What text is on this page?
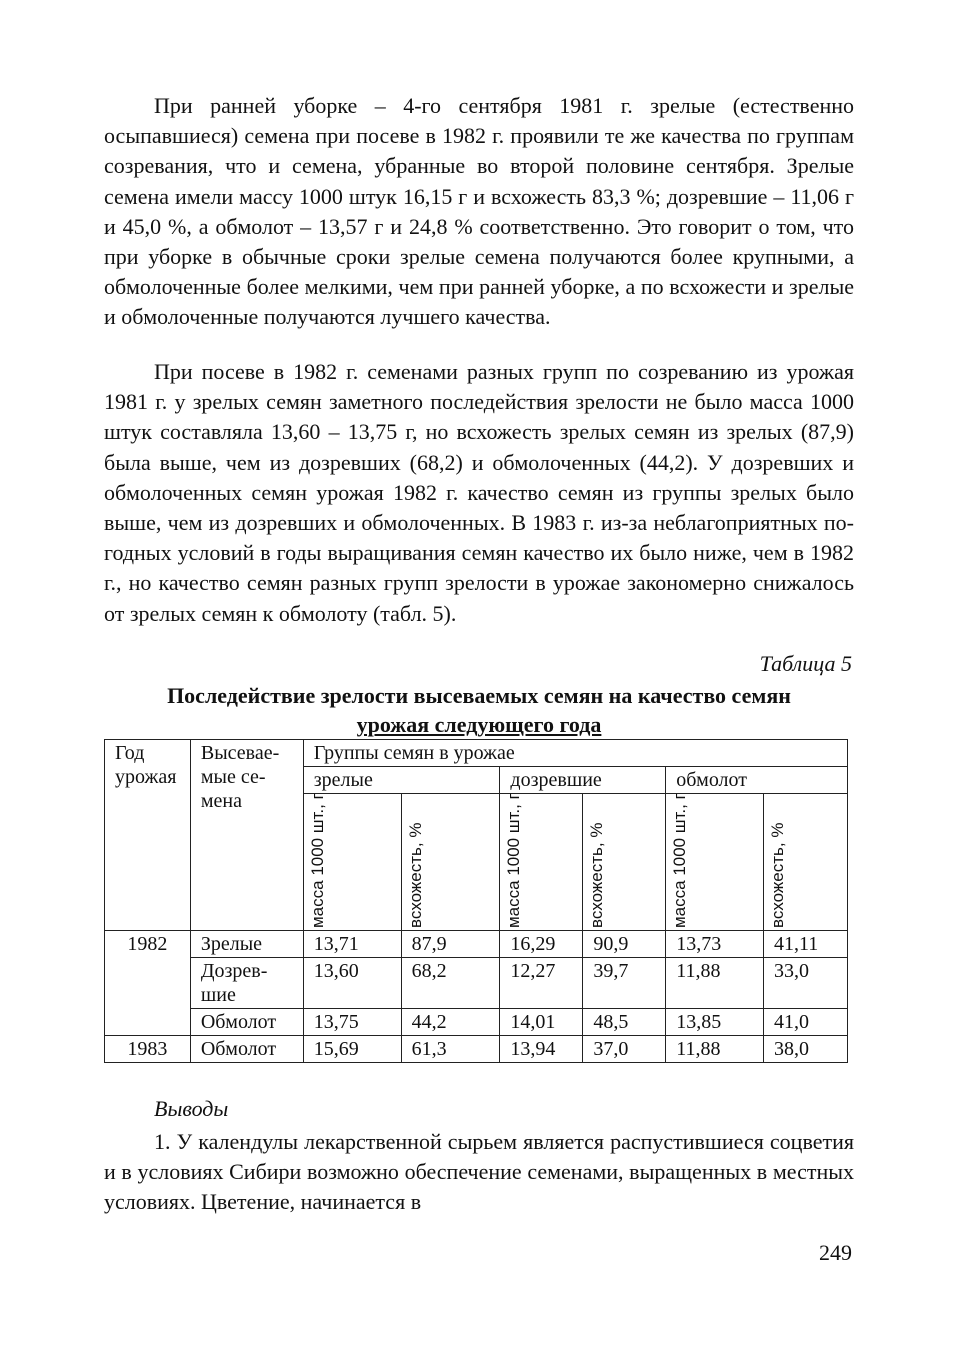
При ранней уборке – 4-го сентября 1981 г. зрелые (естественно осыпавшиеся) семена при посеве в 1982 г. проявили те же качества по группам созревания, что и семена, убранные во второй половине сентября. Зрелые семена имели массу 1000 штук 16,15 г и всхожесть 83,3 %; дозревшие – 11,06 г и 45,0 %, а обмолот – 13,57 г и 24,8 % соответственно. Это говорит о том, что при уборке в обычные сроки зрелые семена получаются более крупными, а обмолоченные более мелкими, чем при ранней уборке, а по всхожести и зрелые и обмолоченные получаются лучшего качества.

При посеве в 1982 г. семенами разных групп по созреванию из урожая 1981 г. у зрелых семян заметного последействия зрелости не было масса 1000 штук составляла 13,60 – 13,75 г, но всхожесть зрелых семян из зрелых (87,9) была выше, чем из дозревших (68,2) и обмолоченных (44,2). У дозревших и обмолоченных семян урожая 1982 г. качество семян из группы зрелых было выше, чем из дозревших и обмолоченных. В 1983 г. из-за неблагоприятных погодных условий в годы выращивания семян качество их было ниже, чем в 1982 г., но качество семян разных групп зрелости в урожае закономерно снижалось от зрелых семян к обмолоту (табл. 5).

Таблица 5
Последействие зрелости высеваемых семян на качество семян
урожая следующего года
Год урожая	Высеваемые семена	Группы семян в урожае					
		зрелые		дозревшие		обмолот	

		масса 1000 шт., г	всхожесть, %	масса 1000 шт., г	всхожесть, %	масса 1000 шт., г	всхожесть, %

1982	Зрелые	13,71	87,9	16,29	90,9	13,73	41,11
	Дозревшие	13,60	68,2	12,27	39,7	11,88	33,0
	Обмолот	13,75	44,2	14,01	48,5	13,85	41,0
1983	Обмолот	15,69	61,3	13,94	37,0	11,88	38,0
Выводы

1. У календулы лекарственной сырьем является распустившиеся соцветия и в условиях Сибири возможно обеспечение семенами, выращенных в местных условиях. Цветение, начинается в

249
